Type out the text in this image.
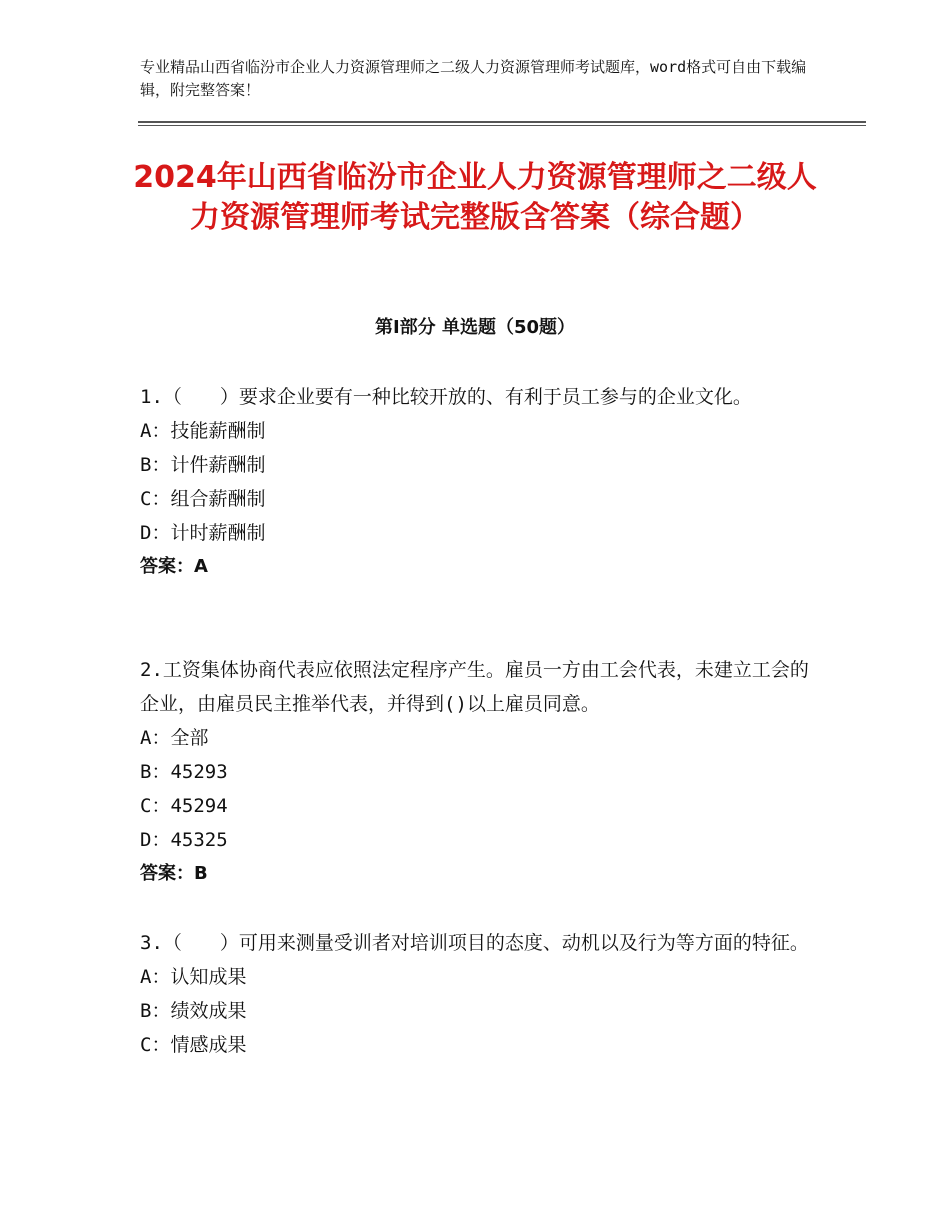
专业精品山西省临汾市企业人力资源管理师之二级人力资源管理师考试题库，word格式可自由下载编辑，附完整答案！
2024年山西省临汾市企业人力资源管理师之二级人力资源管理师考试完整版含答案（综合题）
第Ⅰ部分 单选题（50题）
1.（　　）要求企业要有一种比较开放的、有利于员工参与的企业文化。
A：技能薪酬制
B：计件薪酬制
C：组合薪酬制
D：计时薪酬制
答案：A
2.工资集体协商代表应依照法定程序产生。雇员一方由工会代表，未建立工会的企业，由雇员民主推举代表，并得到()以上雇员同意。
A：全部
B：45293
C：45294
D：45325
答案：B
3.（　　）可用来测量受训者对培训项目的态度、动机以及行为等方面的特征。
A：认知成果
B：绩效成果
C：情感成果
